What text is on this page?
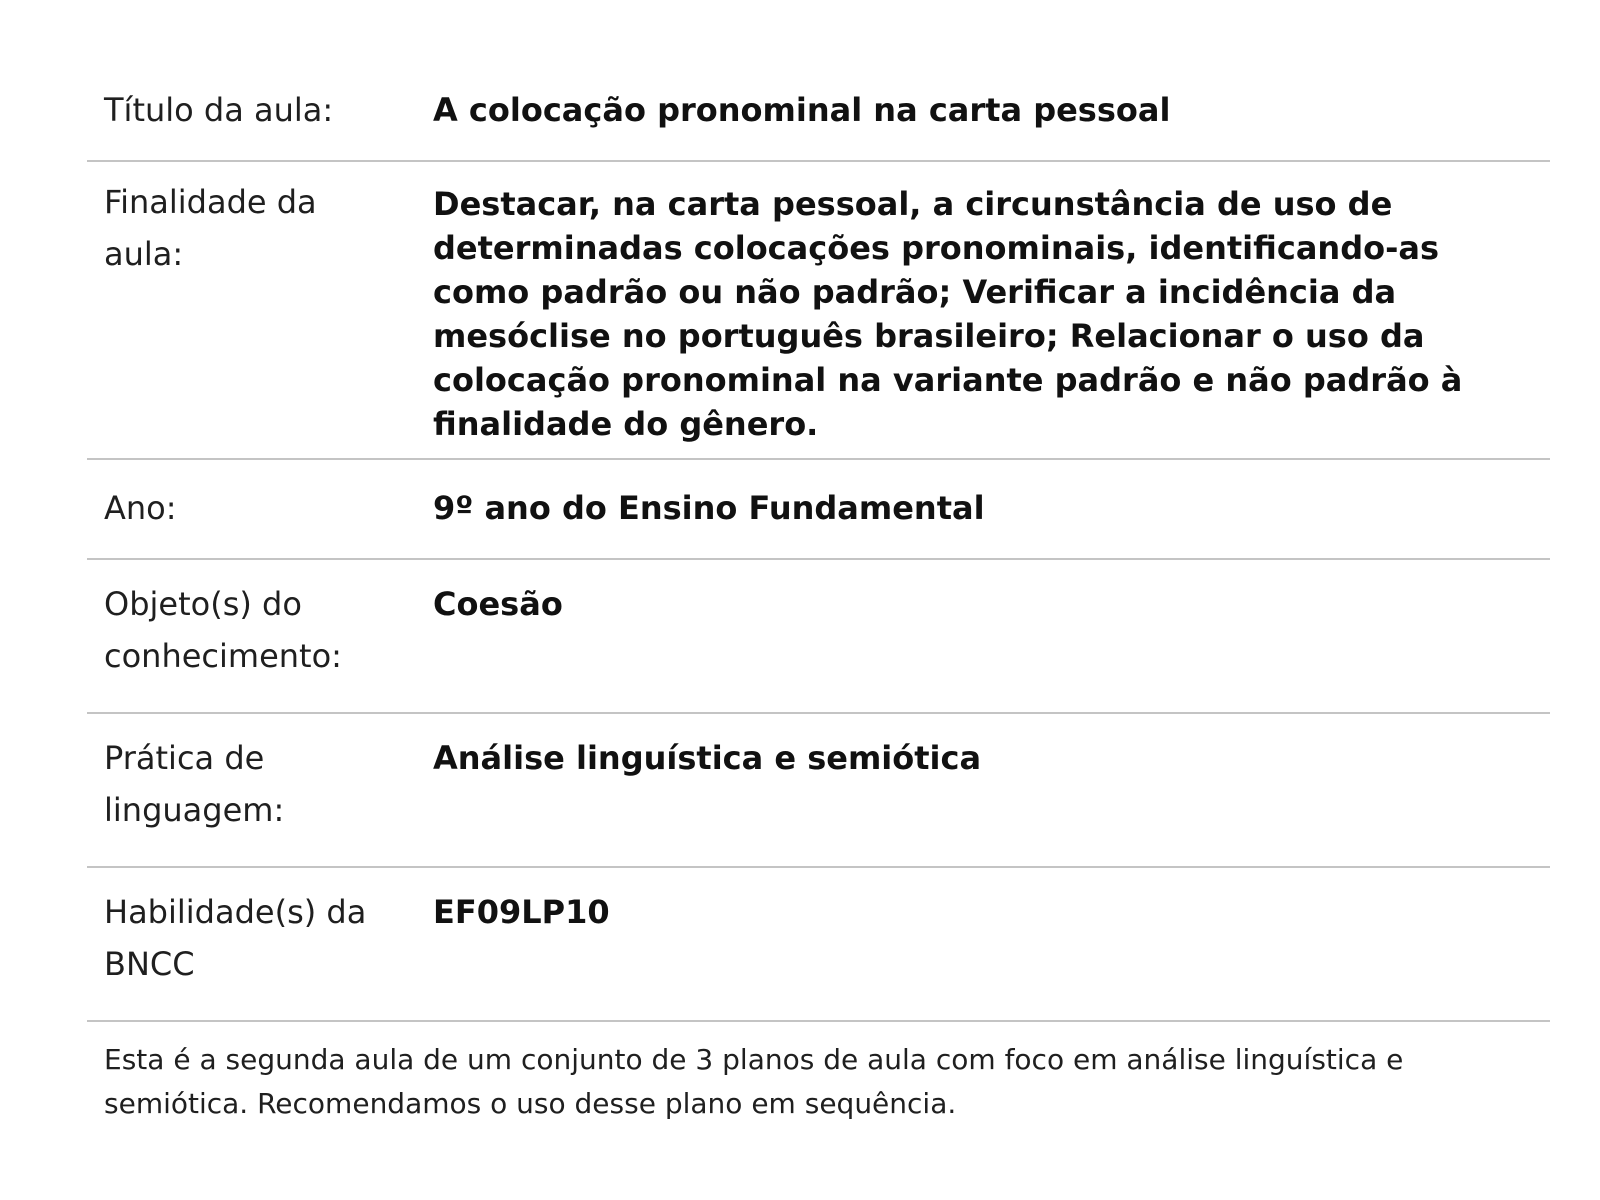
Título da aula:	A colocação pronominal na carta pessoal
Finalidade da aula:	Destacar, na carta pessoal, a circunstância de uso de determinadas colocações pronominais, identificando-as como padrão ou não padrão; Verificar a incidência da mesóclise no português brasileiro; Relacionar o uso da colocação pronominal na variante padrão e não padrão à finalidade do gênero.
Ano:	9º ano do Ensino Fundamental
Objeto(s) do conhecimento:	Coesão
Prática de linguagem:	Análise linguística e semiótica
Habilidade(s) da BNCC	EF09LP10

Esta é a segunda aula de um conjunto de 3 planos de aula com foco em análise linguística e semiótica. Recomendamos o uso desse plano em sequência.
